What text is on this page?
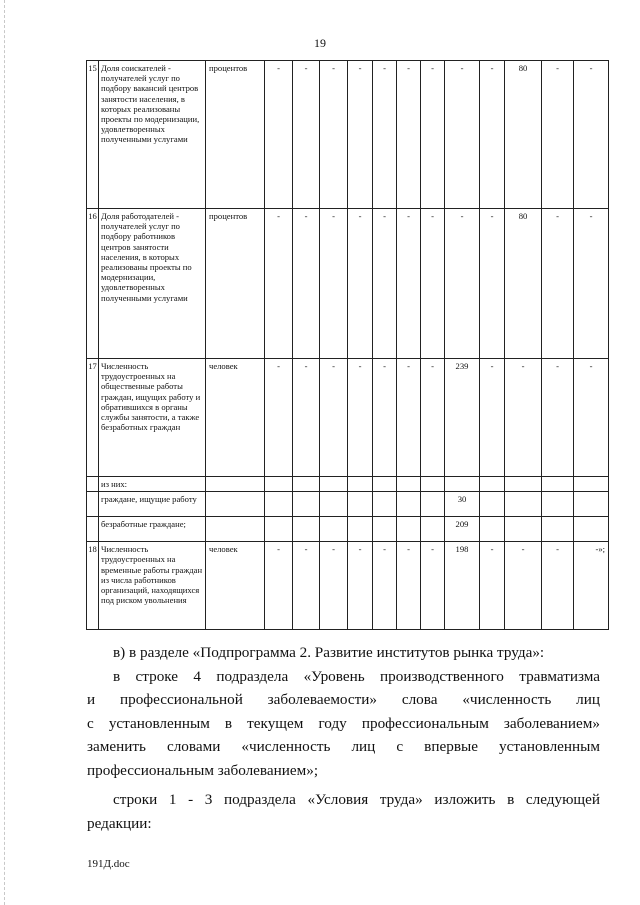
19
15	Доля соискателей - получателей услуг по подбору вакансий центров занятости населения, в которых реализованы проекты по модернизации, удовлетворенных полученными услугами	процентов	-	-	-	-	-	-	-	-	-	80	-	-
16	Доля работодателей - получателей услуг по подбору работников центров занятости населения, в которых реализованы проекты по модернизации, удовлетворенных полученными услугами	процентов	-	-	-	-	-	-	-	-	-	80	-	-
17	Численность трудоустроенных на общественные работы граждан, ищущих работу и обратившихся в органы службы занятости, а также безработных граждан	человек	-	-	-	-	-	-	-	239	-	-	-	-
	из них:													
	граждане, ищущие работу									30				
	безработные граждане;									209				
18	Численность трудоустроенных на временные работы граждан из числа работников организаций, находящихся под риском увольнения	человек	-	-	-	-	-	-	-	198	-	-	-	-»;

в) в разделе «Подпрограмма 2. Развитие институтов рынка труда»:

в строке 4 подраздела «Уровень производственного травматизма

и профессиональной заболеваемости» слова «численность лиц

с установленным в текущем году профессиональным заболеванием»

заменить словами «численность лиц с впервые установленным

профессиональным заболеванием»;

строки 1 - 3 подраздела «Условия труда» изложить в следующей

редакции:

191Д.doc
